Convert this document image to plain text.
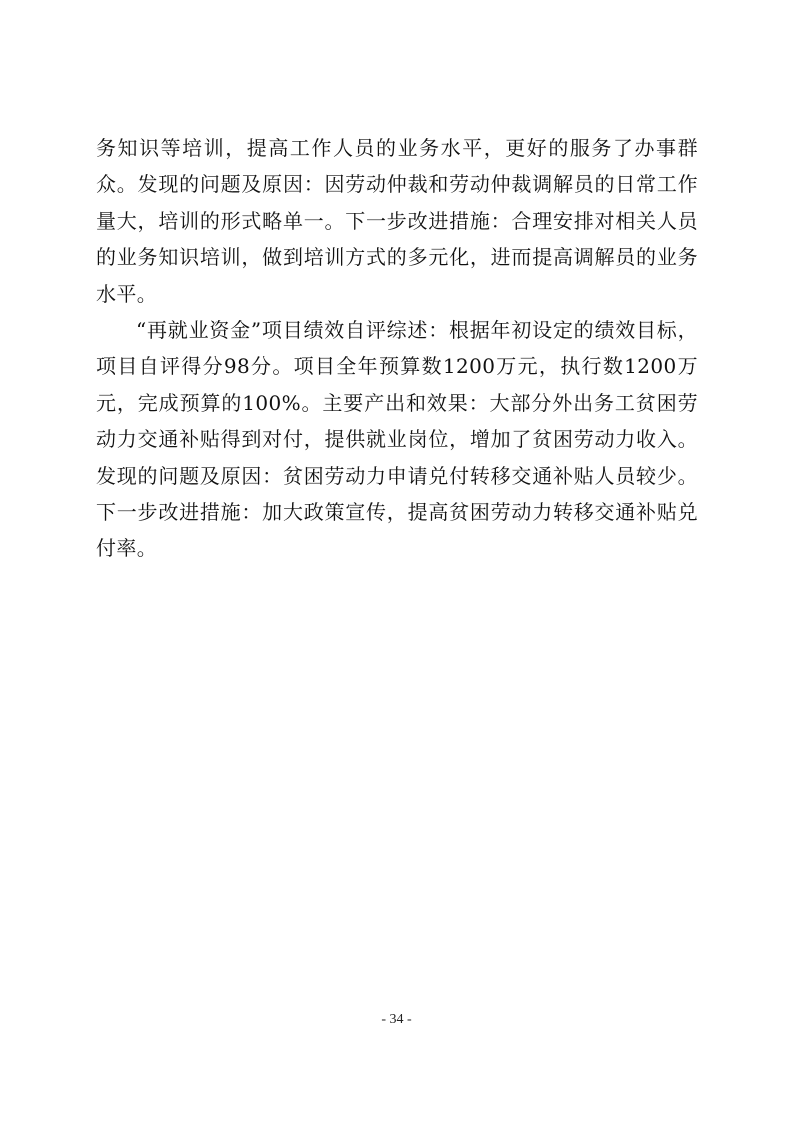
务知识等培训，提高工作人员的业务水平，更好的服务了办事群众。发现的问题及原因：因劳动仲裁和劳动仲裁调解员的日常工作量大，培训的形式略单一。下一步改进措施：合理安排对相关人员的业务知识培训，做到培训方式的多元化，进而提高调解员的业务水平。

“再就业资金”项目绩效自评综述：根据年初设定的绩效目标，项目自评得分98分。项目全年预算数1200万元，执行数1200万元，完成预算的100%。主要产出和效果：大部分外出务工贫困劳动力交通补贴得到对付，提供就业岗位，增加了贫困劳动力收入。发现的问题及原因：贫困劳动力申请兑付转移交通补贴人员较少。下一步改进措施：加大政策宣传，提高贫困劳动力转移交通补贴兑付率。

- 34 -
